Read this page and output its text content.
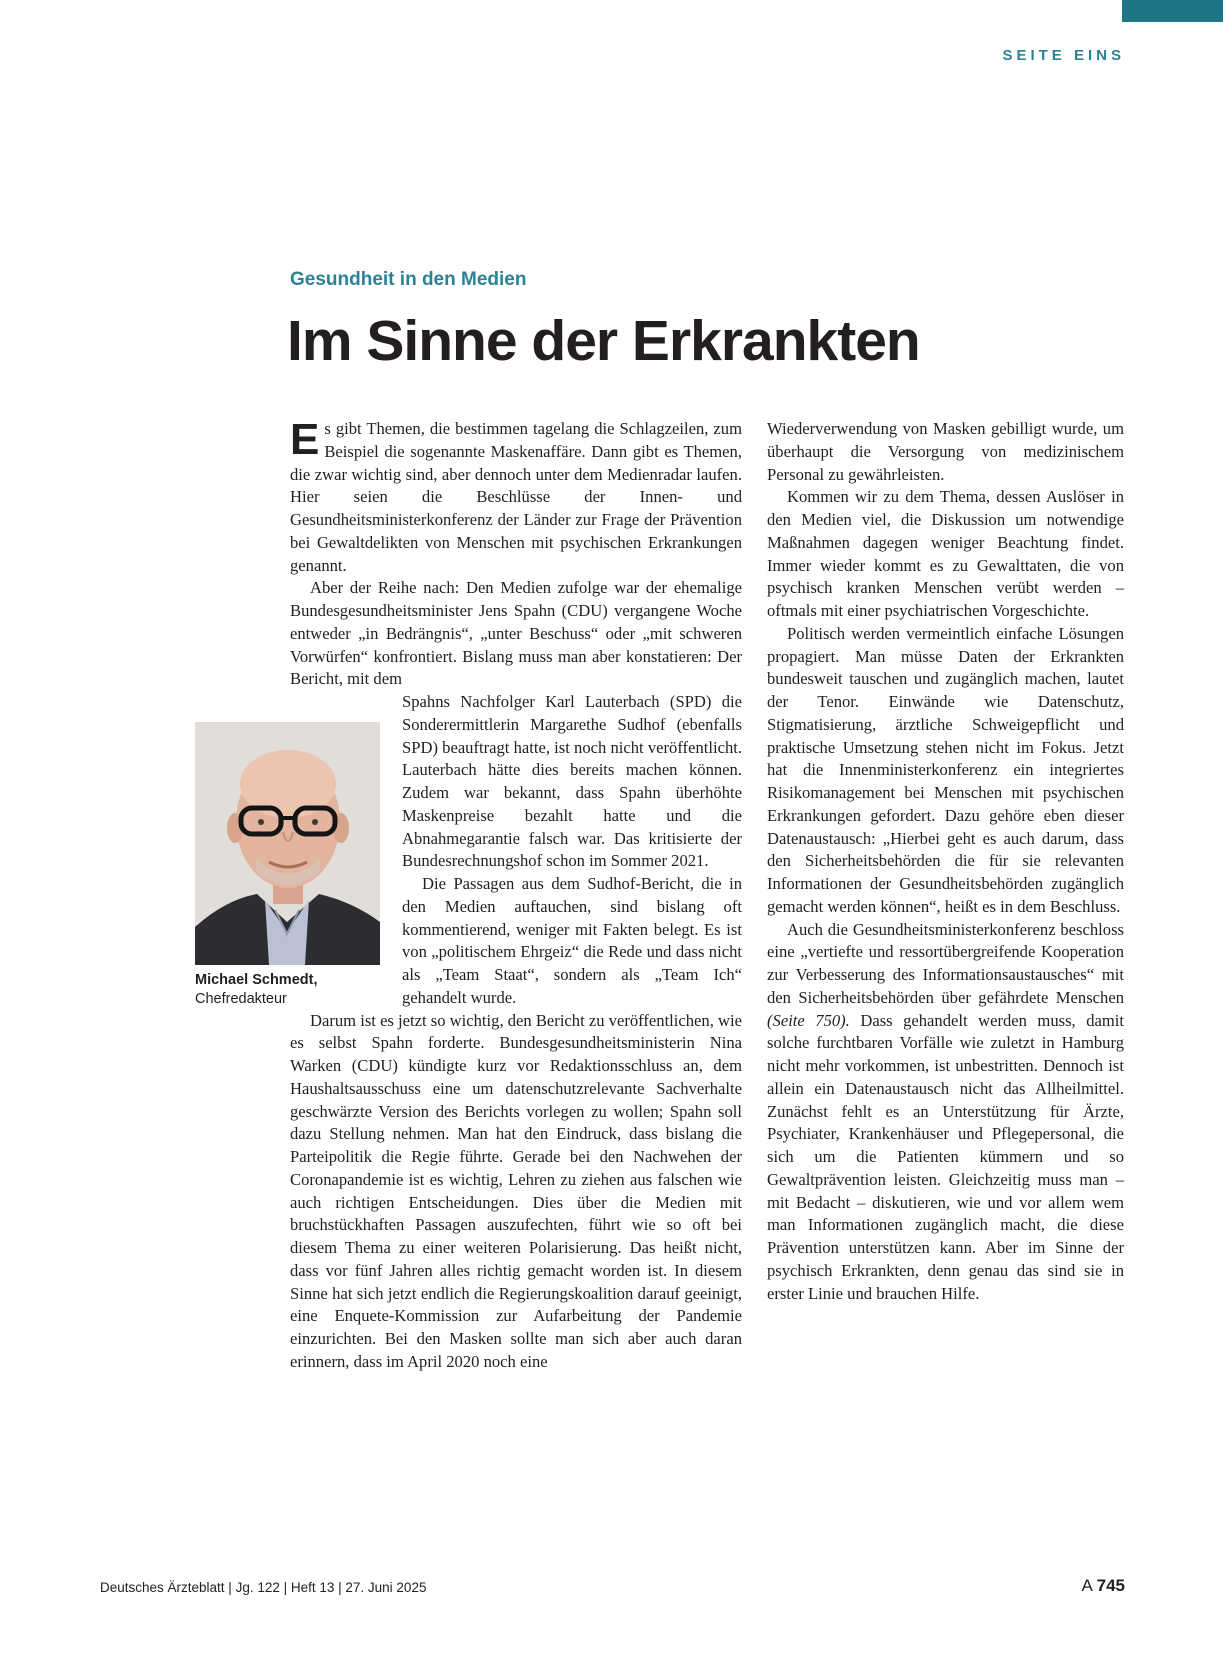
SEITE EINS
Gesundheit in den Medien
Im Sinne der Erkrankten

Es gibt Themen, die bestimmen tagelang die Schlagzeilen, zum Beispiel die sogenannte Maskenaffäre. Dann gibt es Themen, die zwar wichtig sind, aber dennoch unter dem Medienradar laufen. Hier seien die Beschlüsse der Innen- und Gesundheitsministerkonferenz der Länder zur Frage der Prävention bei Gewaltdelikten von Menschen mit psychischen Erkrankungen genannt.

Aber der Reihe nach: Den Medien zufolge war der ehemalige Bundesgesundheitsminister Jens Spahn (CDU) vergangene Woche entweder „in Bedrängnis“, „unter Beschuss“ oder „mit schweren Vorwürfen“ konfrontiert. Bislang muss man aber konstatieren: Der Bericht, mit dem

Spahns Nachfolger Karl Lauterbach (SPD) die Sonderermittlerin Margarethe Sudhof (ebenfalls SPD) beauftragt hatte, ist noch nicht veröffentlicht. Lauterbach hätte dies bereits machen können. Zudem war bekannt, dass Spahn überhöhte Maskenpreise bezahlt hatte und die Abnahmegarantie falsch war. Das kritisierte der Bundesrechnungshof schon im Sommer 2021.

Die Passagen aus dem Sudhof-Bericht, die in den Medien auftauchen, sind bislang oft kommentierend, weniger mit Fakten belegt. Es ist von „politischem Ehrgeiz“ die Rede und dass nicht als „Team Staat“, sondern als „Team Ich“ gehandelt wurde.

Darum ist es jetzt so wichtig, den Bericht zu veröffentlichen, wie es selbst Spahn forderte. Bundesgesundheitsministerin Nina Warken (CDU) kündigte kurz vor Redaktionsschluss an, dem Haushaltsausschuss eine um datenschutzrelevante Sachverhalte geschwärzte Version des Berichts vorlegen zu wollen; Spahn soll dazu Stellung nehmen. Man hat den Eindruck, dass bislang die Parteipolitik die Regie führte. Gerade bei den Nachwehen der Coronapandemie ist es wichtig, Lehren zu ziehen aus falschen wie auch richtigen Entscheidungen. Dies über die Medien mit bruchstückhaften Passagen auszufechten, führt wie so oft bei diesem Thema zu einer weiteren Polarisierung. Das heißt nicht, dass vor fünf Jahren alles richtig gemacht worden ist. In diesem Sinne hat sich jetzt endlich die Regierungskoalition darauf geeinigt, eine Enquete-Kommission zur Aufarbeitung der Pandemie einzurichten. Bei den Masken sollte man sich aber auch daran erinnern, dass im April 2020 noch eine

Wiederverwendung von Masken gebilligt wurde, um überhaupt die Versorgung von medizinischem Personal zu gewährleisten.

Kommen wir zu dem Thema, dessen Auslöser in den Medien viel, die Diskussion um notwendige Maßnahmen dagegen weniger Beachtung findet. Immer wieder kommt es zu Gewalttaten, die von psychisch kranken Menschen verübt werden – oftmals mit einer psychiatrischen Vorgeschichte.

Politisch werden vermeintlich einfache Lösungen propagiert. Man müsse Daten der Erkrankten bundesweit tauschen und zugänglich machen, lautet der Tenor. Einwände wie Datenschutz, Stigmatisierung, ärztliche Schweigepflicht und praktische Umsetzung stehen nicht im Fokus. Jetzt hat die Innenministerkonferenz ein integriertes Risikomanagement bei Menschen mit psychischen Erkrankungen gefordert. Dazu gehöre eben dieser Datenaustausch: „Hierbei geht es auch darum, dass den Sicherheitsbehörden die für sie relevanten Informationen der Gesundheitsbehörden zugänglich gemacht werden können“, heißt es in dem Beschluss.

Auch die Gesundheitsministerkonferenz beschloss eine „vertiefte und ressortübergreifende Kooperation zur Verbesserung des Informationsaustausches“ mit den Sicherheitsbehörden über gefährdete Menschen (Seite 750). Dass gehandelt werden muss, damit solche furchtbaren Vorfälle wie zuletzt in Hamburg nicht mehr vorkommen, ist unbestritten. Dennoch ist allein ein Datenaustausch nicht das Allheilmittel. Zunächst fehlt es an Unterstützung für Ärzte, Psychiater, Krankenhäuser und Pflegepersonal, die sich um die Patienten kümmern und so Gewaltprävention leisten. Gleichzeitig muss man – mit Bedacht – diskutieren, wie und vor allem wem man Informationen zugänglich macht, die diese Prävention unterstützen kann. Aber im Sinne der psychisch Erkrankten, denn genau das sind sie in erster Linie und brauchen Hilfe.

Michael Schmedt,
Chefredakteur
Deutsches Ärzteblatt | Jg. 122 | Heft 13 | 27. Juni 2025	A 745
